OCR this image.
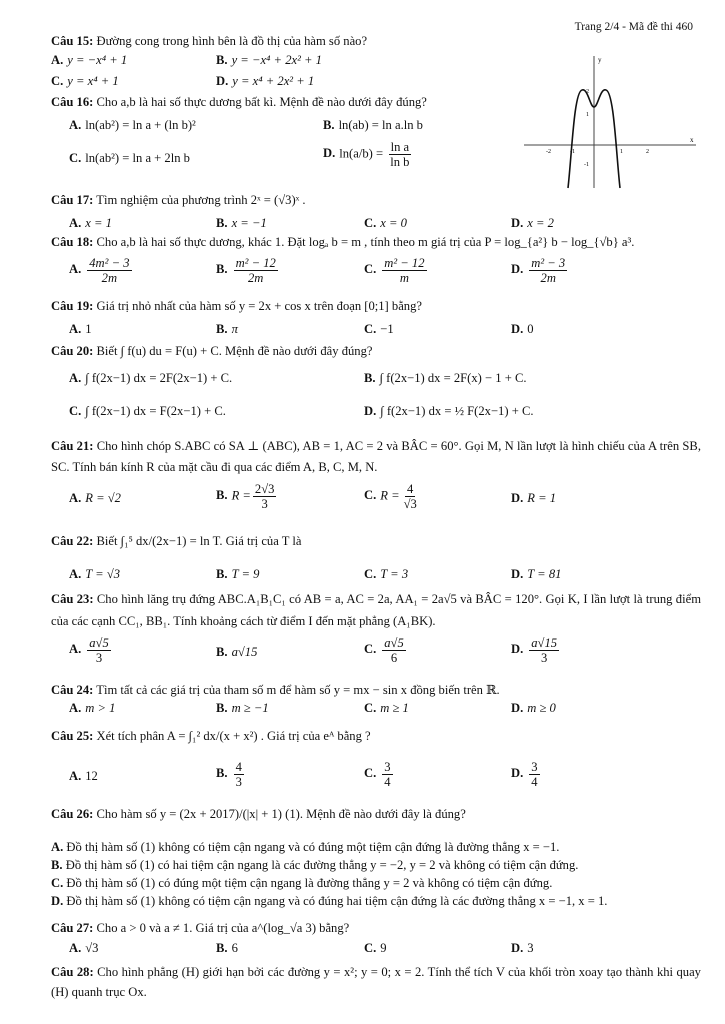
Trang 2/4 - Mã đề thi 460
x
y
-2	-1	1	2
2
1
-1
Câu 15: Đường cong trong hình bên là đồ thị của hàm số nào?
A. y = −x⁴ + 1	B. y = −x⁴ + 2x² + 1
C. y = x⁴ + 1	D. y = x⁴ + 2x² + 1
Câu 16: Cho a,b là hai số thực dương bất kì. Mệnh đề nào dưới đây đúng?
A. ln(ab²) = ln a + (ln b)²	B. ln(ab) = ln a.ln b
C. ln(ab²) = ln a + 2ln b	D. $\ln(a/b) = \frac{\text{ln a}}{\text{ln b}}$
Câu 17: Tìm nghiệm của phương trình 2ˣ = (√3)ˣ .
A. x = 1	B. x = −1	C. x = 0	D. x = 2
Câu 18: Cho a,b là hai số thực dương, khác 1. Đặt logₐ b = m , tính theo m giá trị của P = log_{a²} b − log_{√b} a³.
A. $\frac{\text{4m² − 3}}{2m}$	B. $\frac{\text{m² − 12}}{2m}$	C. $\frac{\text{m² − 12}}{m}$	D. $\frac{\text{m² − 3}}{2m}$
Câu 19: Giá trị nhỏ nhất của hàm số y = 2x + cos x trên đoạn [0;1] bằng?
A. 1	B. π	C. −1	D. 0
Câu 20: Biết ∫ f(u) du = F(u) + C. Mệnh đề nào dưới đây đúng?
A. ∫ f(2x−1) dx = 2F(2x−1) + C.	B. ∫ f(2x−1) dx = 2F(x) − 1 + C.
C. ∫ f(2x−1) dx = F(2x−1) + C.	D. ∫ f(2x−1) dx = ½ F(2x−1) + C.
Câu 21: Cho hình chóp S.ABC có SA ⊥ (ABC), AB = 1, AC = 2 và BÂC = 60°. Gọi M, N lần lượt là hình chiếu của A trên SB, SC. Tính bán kính R của mặt cầu đi qua các điểm A, B, C, M, N.
A. R = √2	B. $R = \frac{2√3}{3}$	C. $R = \frac{4}{√3}$	D. R = 1
Câu 22: Biết ∫₁⁵ dx/(2x−1) = ln T. Giá trị của T là
A. T = √3	B. T = 9	C. T = 3	D. T = 81
Câu 23: Cho hình lăng trụ đứng ABC.A₁B₁C₁ có AB = a, AC = 2a, AA₁ = 2a√5 và BÂC = 120°. Gọi K, I lần lượt là trung điểm của các cạnh CC₁, BB₁. Tính khoảng cách từ điểm I đến mặt phẳng (A₁BK).
A. $\frac{a√5}{3}$	B. a√15	C. $\frac{a√5}{6}$	D. $\frac{a√15}{3}$
Câu 24: Tìm tất cả các giá trị của tham số m để hàm số y = mx − sin x đồng biến trên ℝ.
A. m > 1	B. m ≥ −1	C. m ≥ 1	D. m ≥ 0
Câu 25: Xét tích phân A = ∫₁² dx/(x + x²) . Giá trị của eᴬ bằng ?
A. 12	B. $\frac{4}{3}$	C. $\frac{3}{4}$	D. $\frac{3}{4}$
Câu 26: Cho hàm số y = (2x + 2017)/(|x| + 1) (1). Mệnh đề nào dưới đây là đúng?
A. Đồ thị hàm số (1) không có tiệm cận ngang và có đúng một tiệm cận đứng là đường thẳng x = −1.
B. Đồ thị hàm số (1) có hai tiệm cận ngang là các đường thẳng y = −2, y = 2 và không có tiệm cận đứng.
C. Đồ thị hàm số (1) có đúng một tiệm cận ngang là đường thẳng y = 2 và không có tiệm cận đứng.
D. Đồ thị hàm số (1) không có tiệm cận ngang và có đúng hai tiệm cận đứng là các đường thẳng x = −1, x = 1.
Câu 27: Cho a > 0 và a ≠ 1. Giá trị của a^(log_√a 3) bằng?
A. √3	B. 6	C. 9	D. 3
Câu 28: Cho hình phẳng (H) giới hạn bởi các đường y = x²; y = 0; x = 2. Tính thể tích V của khối tròn xoay tạo thành khi quay (H) quanh trục Ox.
